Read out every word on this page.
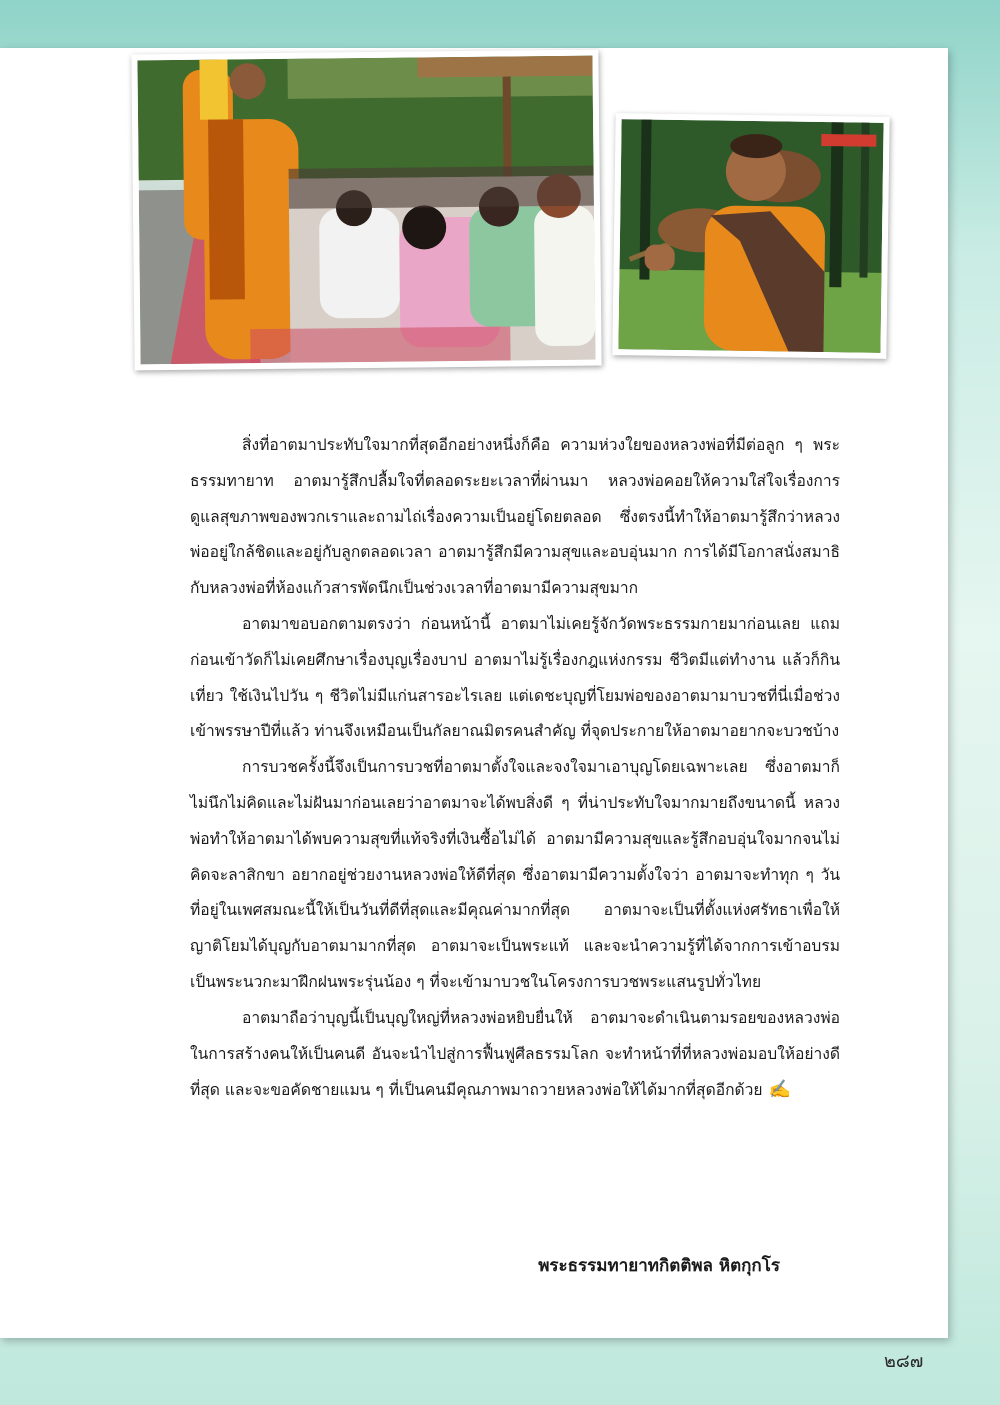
สิ่งที่อาตมาประทับใจมากที่สุดอีกอย่างหนึ่งก็คือ ความห่วงใยของหลวงพ่อที่มีต่อลูก ๆ พระธรรมทายาท อาตมารู้สึกปลื้มใจที่ตลอดระยะเวลาที่ผ่านมา หลวงพ่อคอยให้ความใส่ใจเรื่องการดูแลสุขภาพของพวกเราและถามไถ่เรื่องความเป็นอยู่โดยตลอด ซึ่งตรงนี้ทำให้อาตมารู้สึกว่าหลวงพ่ออยู่ใกล้ชิดและอยู่กับลูกตลอดเวลา อาตมารู้สึกมีความสุขและอบอุ่นมาก การได้มีโอกาสนั่งสมาธิกับหลวงพ่อที่ห้องแก้วสารพัดนึกเป็นช่วงเวลาที่อาตมามีความสุขมาก

อาตมาขอบอกตามตรงว่า ก่อนหน้านี้ อาตมาไม่เคยรู้จักวัดพระธรรมกายมาก่อนเลย แถมก่อนเข้าวัดก็ไม่เคยศึกษาเรื่องบุญเรื่องบาป อาตมาไม่รู้เรื่องกฎแห่งกรรม ชีวิตมีแต่ทำงาน แล้วก็กิน เที่ยว ใช้เงินไปวัน ๆ ชีวิตไม่มีแก่นสารอะไรเลย แต่เดชะบุญที่โยมพ่อของอาตมามาบวชที่นี่เมื่อช่วงเข้าพรรษาปีที่แล้ว ท่านจึงเหมือนเป็นกัลยาณมิตรคนสำคัญ ที่จุดประกายให้อาตมาอยากจะบวชบ้าง

การบวชครั้งนี้จึงเป็นการบวชที่อาตมาตั้งใจและจงใจมาเอาบุญโดยเฉพาะเลย ซึ่งอาตมาก็ไม่นึกไม่คิดและไม่ฝันมาก่อนเลยว่าอาตมาจะได้พบสิ่งดี ๆ ที่น่าประทับใจมากมายถึงขนาดนี้ หลวงพ่อทำให้อาตมาได้พบความสุขที่แท้จริงที่เงินซื้อไม่ได้ อาตมามีความสุขและรู้สึกอบอุ่นใจมากจนไม่คิดจะลาสิกขา อยากอยู่ช่วยงานหลวงพ่อให้ดีที่สุด ซึ่งอาตมามีความตั้งใจว่า อาตมาจะทำทุก ๆ วัน ที่อยู่ในเพศสมณะนี้ให้เป็นวันที่ดีที่สุดและมีคุณค่ามากที่สุด อาตมาจะเป็นที่ตั้งแห่งศรัทธาเพื่อให้ญาติโยมได้บุญกับอาตมามากที่สุด อาตมาจะเป็นพระแท้ และจะนำความรู้ที่ได้จากการเข้าอบรมเป็นพระนวกะมาฝึกฝนพระรุ่นน้อง ๆ ที่จะเข้ามาบวชในโครงการบวชพระแสนรูปทั่วไทย

อาตมาถือว่าบุญนี้เป็นบุญใหญ่ที่หลวงพ่อหยิบยื่นให้ อาตมาจะดำเนินตามรอยของหลวงพ่อในการสร้างคนให้เป็นคนดี อันจะนำไปสู่การฟื้นฟูศีลธรรมโลก จะทำหน้าที่ที่หลวงพ่อมอบให้อย่างดีที่สุด และจะขอคัดชายแมน ๆ ที่เป็นคนมีคุณภาพมาถวายหลวงพ่อให้ได้มากที่สุดอีกด้วย ✍

พระธรรมทายาทกิตติพล หิตกุกโร
๒๘๗
